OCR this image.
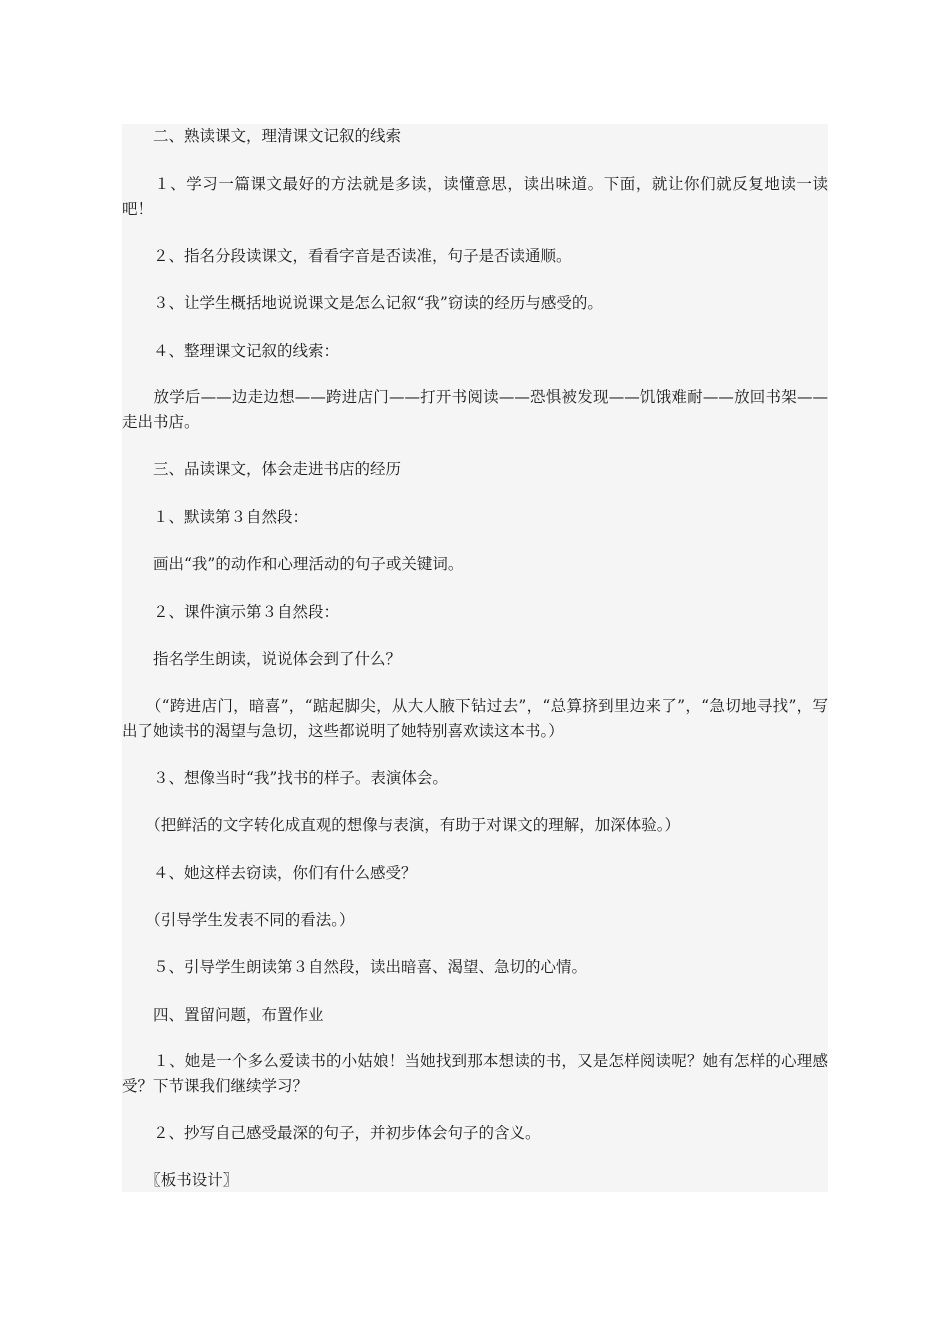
　　二、熟读课文，理清课文记叙的线索

　　１、学习一篇课文最好的方法就是多读，读懂意思，读出味道。下面，就让你们就反复地读一读吧！

　　２、指名分段读课文，看看字音是否读准，句子是否读通顺。

　　３、让学生概括地说说课文是怎么记叙“我”窃读的经历与感受的。

　　４、整理课文记叙的线索：

　　放学后——边走边想——跨进店门——打开书阅读——恐惧被发现——饥饿难耐——放回书架——走出书店。

　　三、品读课文，体会走进书店的经历

　　１、默读第３自然段：

　　画出“我”的动作和心理活动的句子或关键词。

　　２、课件演示第３自然段：

　　指名学生朗读，说说体会到了什么？

　　（“跨进店门，暗喜”，“踮起脚尖，从大人腋下钻过去”，“总算挤到里边来了”，“急切地寻找”，写出了她读书的渴望与急切，这些都说明了她特别喜欢读这本书。）

　　３、想像当时“我”找书的样子。表演体会。

　　（把鲜活的文字转化成直观的想像与表演，有助于对课文的理解，加深体验。）

　　４、她这样去窃读，你们有什么感受？

　　（引导学生发表不同的看法。）

　　５、引导学生朗读第３自然段，读出暗喜、渴望、急切的心情。

　　四、置留问题，布置作业

　　１、她是一个多么爱读书的小姑娘！当她找到那本想读的书，又是怎样阅读呢？她有怎样的心理感受？下节课我们继续学习？

　　２、抄写自己感受最深的句子，并初步体会句子的含义。

　　〖板书设计〗
